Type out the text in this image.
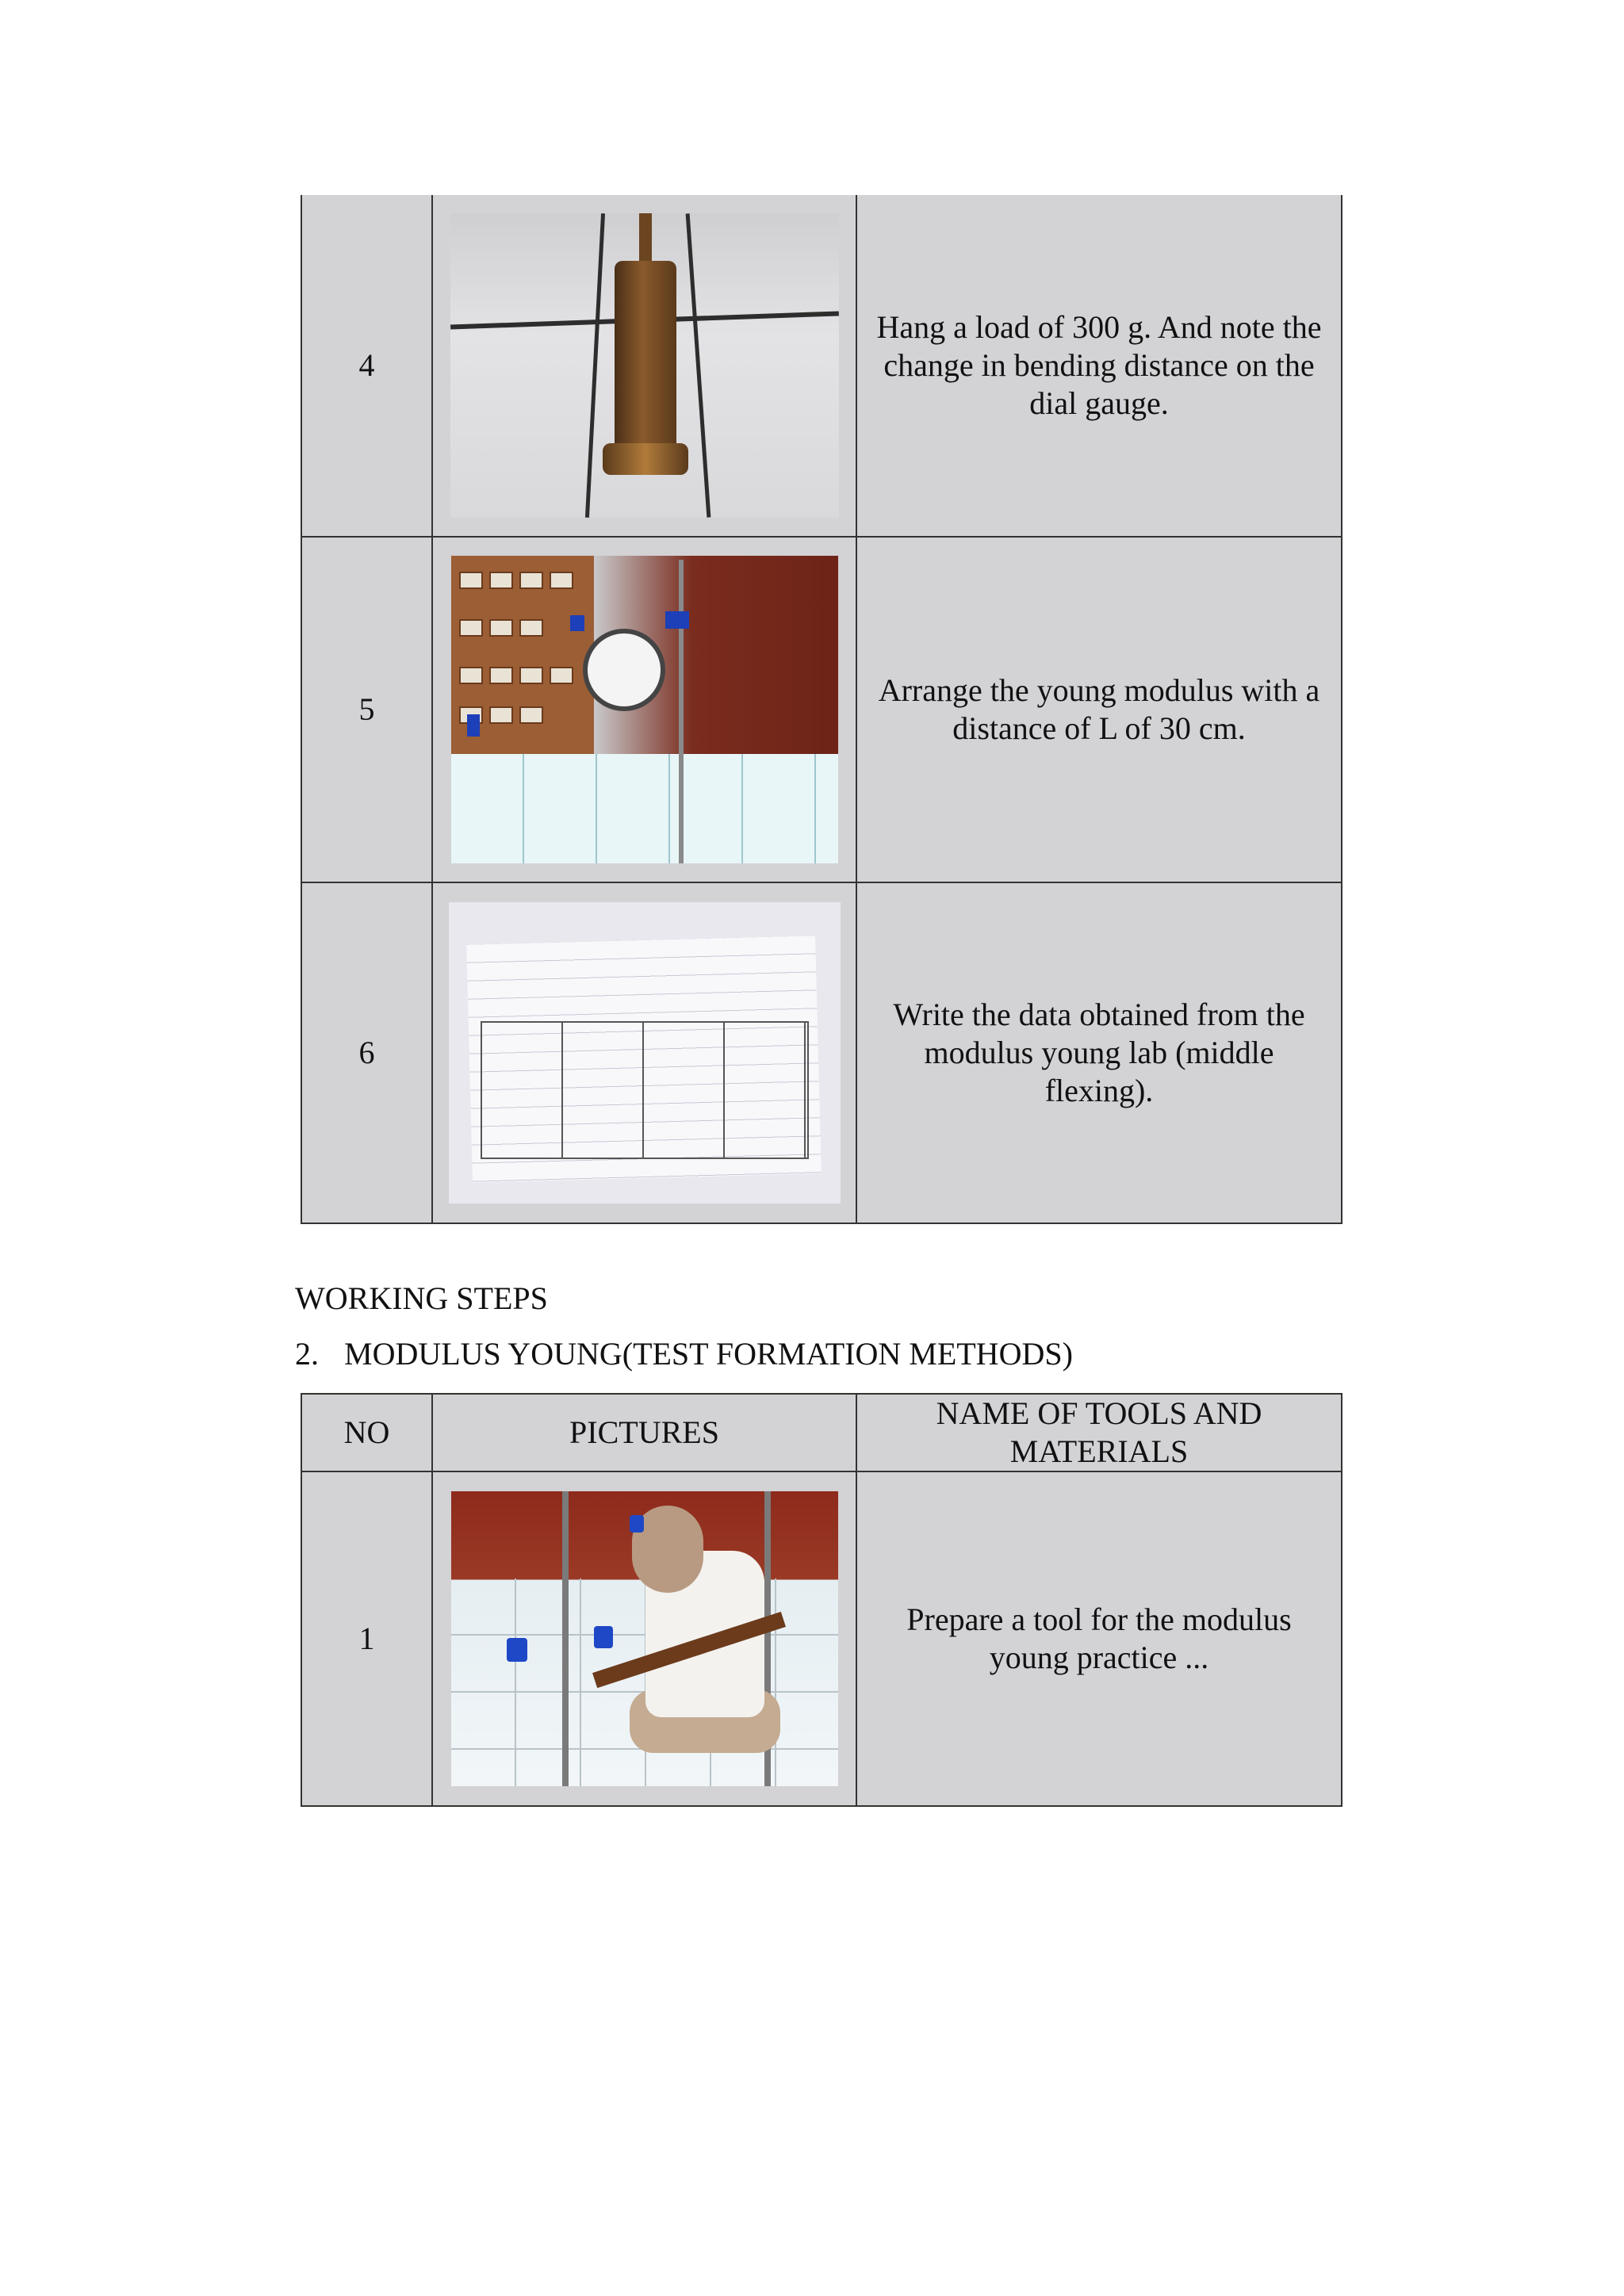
4		Hang a load of 300 g. And note the change in bending distance on the dial gauge.
5		Arrange the young modulus with a distance of L of 30 cm.
6		Write the data obtained from the modulus young lab (middle flexing).
WORKING STEPS
2. MODULUS YOUNG(TEST FORMATION METHODS)
NO	PICTURES	NAME OF TOOLS AND MATERIALS
1		Prepare a tool for the modulus young practice ...
